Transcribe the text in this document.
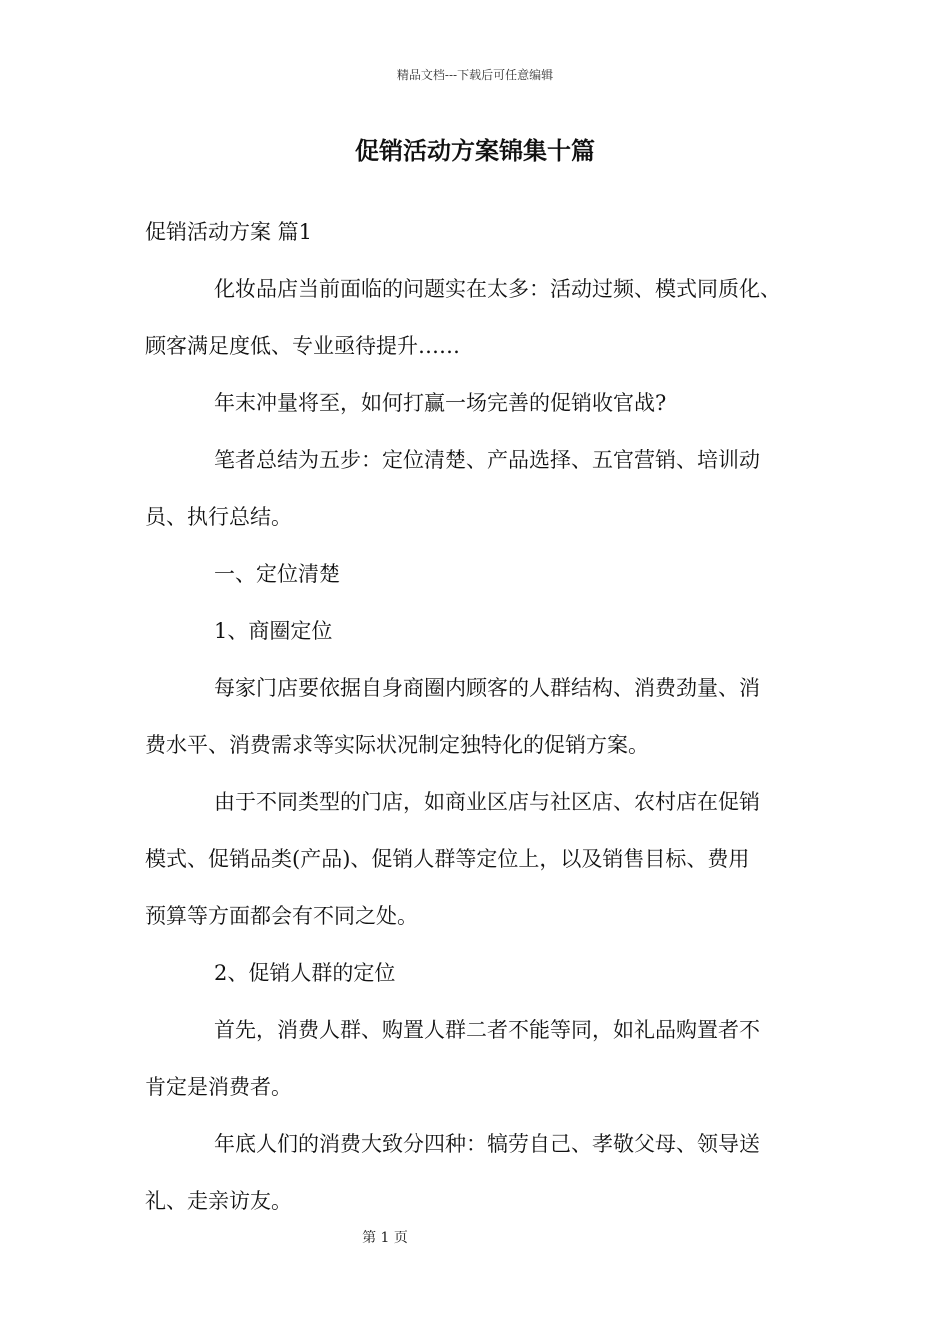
精品文档---下载后可任意编辑
促销活动方案锦集十篇

促销活动方案 篇1

化妆品店当前面临的问题实在太多：活动过频、模式同质化、

顾客满足度低、专业亟待提升……

年末冲量将至，如何打赢一场完善的促销收官战?

笔者总结为五步：定位清楚、产品选择、五官营销、培训动

员、执行总结。

一、定位清楚

1、商圈定位

每家门店要依据自身商圈内顾客的人群结构、消费劲量、消

费水平、消费需求等实际状况制定独特化的促销方案。

由于不同类型的门店，如商业区店与社区店、农村店在促销

模式、促销品类(产品)、促销人群等定位上，以及销售目标、费用

预算等方面都会有不同之处。

2、促销人群的定位

首先，消费人群、购置人群二者不能等同，如礼品购置者不

肯定是消费者。

年底人们的消费大致分四种：犒劳自己、孝敬父母、领导送

礼、走亲访友。

第 1 页
